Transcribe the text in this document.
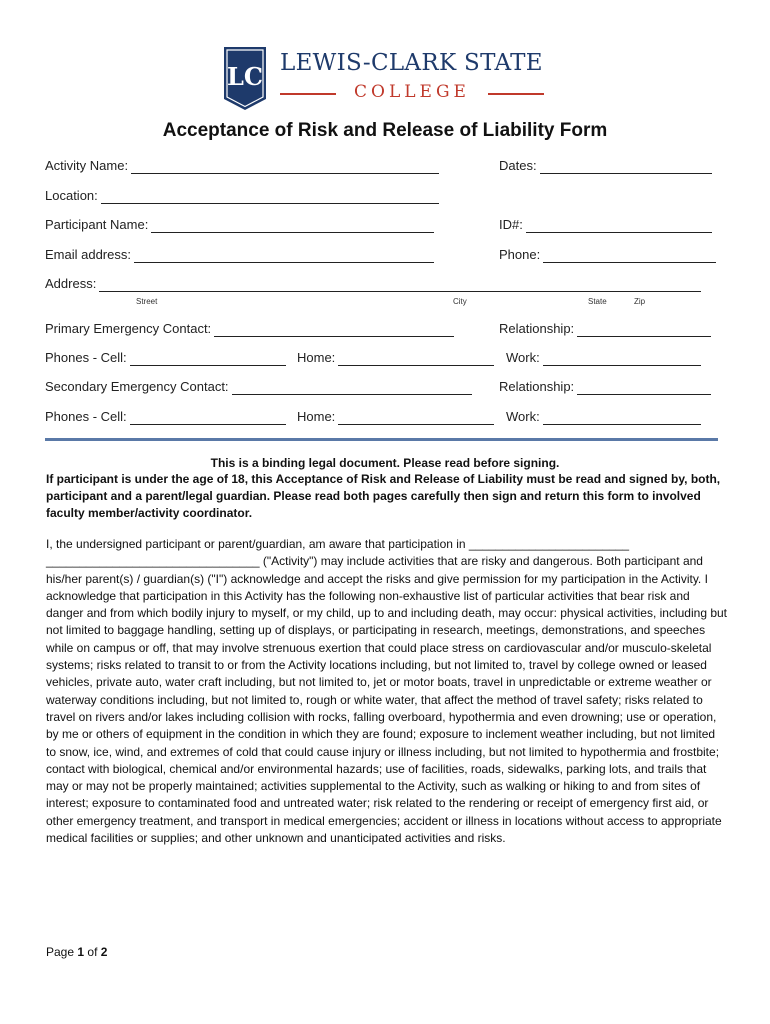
LC LEWIS-CLARK STATE
COLLEGE
Acceptance of Risk and Release of Liability Form
Activity Name:	Dates:
Location:
Participant Name:	ID#:
Email address:	Phone:
Address:
Street	City	State	Zip
Primary Emergency Contact:	Relationship:
Phones - Cell:	Home:	Work:
Secondary Emergency Contact:	Relationship:
Phones - Cell:	Home:	Work:
This is a binding legal document. Please read before signing.
If participant is under the age of 18, this Acceptance of Risk and Release of Liability must be read and signed by, both, participant and a parent/legal guardian. Please read both pages carefully then sign and return this form to involved faculty member/activity coordinator.
I, the undersigned participant or parent/guardian, am aware that participation in ________________________
________________________________ ("Activity") may include activities that are risky and dangerous. Both participant and his/her parent(s) / guardian(s) ("I") acknowledge and accept the risks and give permission for my participation in the Activity. I acknowledge that participation in this Activity has the following non-exhaustive list of particular activities that bear risk and danger and from which bodily injury to myself, or my child, up to and including death, may occur: physical activities, including but not limited to baggage handling, setting up of displays, or participating in research, meetings, demonstrations, and speeches while on campus or off, that may involve strenuous exertion that could place stress on cardiovascular and/or musculo-skeletal systems; risks related to transit to or from the Activity locations including, but not limited to, travel by college owned or leased vehicles, private auto, water craft including, but not limited to, jet or motor boats, travel in unpredictable or extreme weather or waterway conditions including, but not limited to, rough or white water, that affect the method of travel safety; risks related to travel on rivers and/or lakes including collision with rocks, falling overboard, hypothermia and even drowning; use or operation, by me or others of equipment in the condition in which they are found; exposure to inclement weather including, but not limited to snow, ice, wind, and extremes of cold that could cause injury or illness including, but not limited to hypothermia and frostbite; contact with biological, chemical and/or environmental hazards; use of facilities, roads, sidewalks, parking lots, and trails that may or may not be properly maintained; activities supplemental to the Activity, such as walking or hiking to and from sites of interest; exposure to contaminated food and untreated water; risk related to the rendering or receipt of emergency first aid, or other emergency treatment, and transport in medical emergencies; accident or illness in locations without access to appropriate medical facilities or supplies; and other unknown and unanticipated activities and risks.
Page 1 of 2
